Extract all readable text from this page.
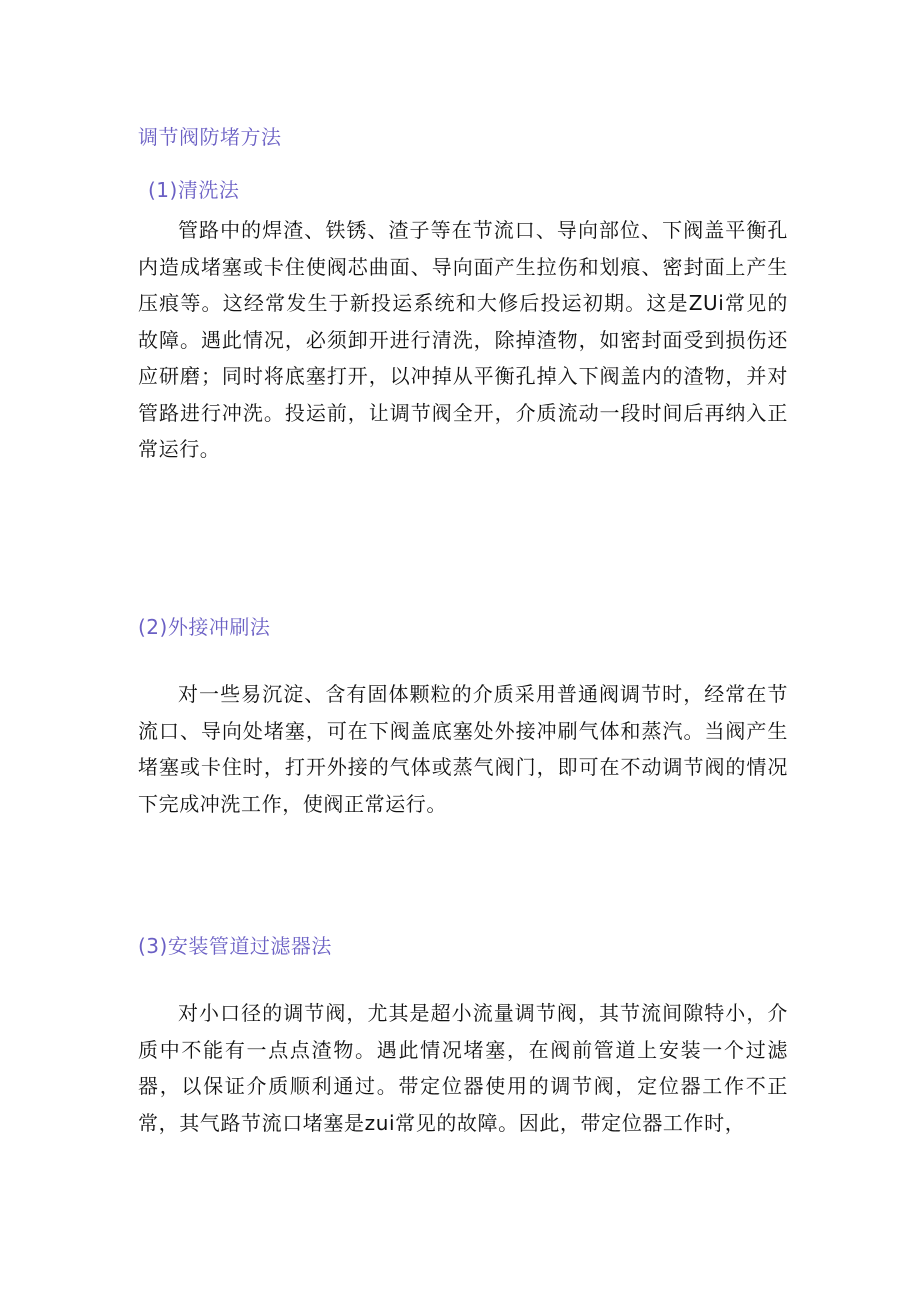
调节阀防堵方法
(1)清洗法
管路中的焊渣、铁锈、渣子等在节流口、导向部位、下阀盖平衡孔内造成堵塞或卡住使阀芯曲面、导向面产生拉伤和划痕、密封面上产生压痕等。这经常发生于新投运系统和大修后投运初期。这是ZUi常见的故障。遇此情况，必须卸开进行清洗，除掉渣物，如密封面受到损伤还应研磨；同时将底塞打开，以冲掉从平衡孔掉入下阀盖内的渣物，并对管路进行冲洗。投运前，让调节阀全开，介质流动一段时间后再纳入正常运行。
(2)外接冲刷法
对一些易沉淀、含有固体颗粒的介质采用普通阀调节时，经常在节流口、导向处堵塞，可在下阀盖底塞处外接冲刷气体和蒸汽。当阀产生堵塞或卡住时，打开外接的气体或蒸气阀门，即可在不动调节阀的情况下完成冲洗工作，使阀正常运行。
(3)安装管道过滤器法
对小口径的调节阀，尤其是超小流量调节阀，其节流间隙特小，介质中不能有一点点渣物。遇此情况堵塞，在阀前管道上安装一个过滤器，以保证介质顺利通过。带定位器使用的调节阀，定位器工作不正常，其气路节流口堵塞是zui常见的故障。因此，带定位器工作时，
